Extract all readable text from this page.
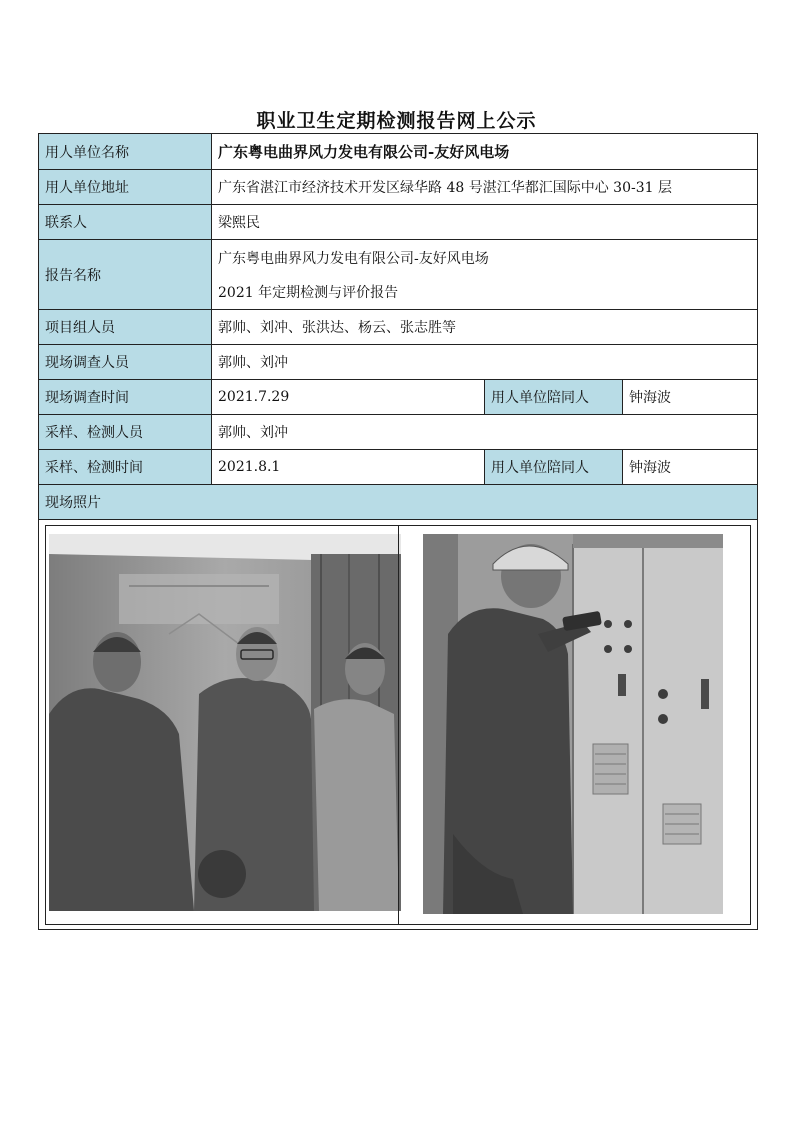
职业卫生定期检测报告网上公示
用人单位名称	广东粤电曲界风力发电有限公司-友好风电场		
用人单位地址	广东省湛江市经济技术开发区绿华路 48 号湛江华都汇国际中心 30-31 层		
联系人	梁熙民		
报告名称	广东粤电曲界风力发电有限公司-友好风电场
2021 年定期检测与评价报告		

项目组人员	郭帅、刘冲、张洪达、杨云、张志胜等		
现场调查人员	郭帅、刘冲		
现场调查时间	2021.7.29	用人单位陪同人	钟海波
采样、检测人员	郭帅、刘冲		
采样、检测时间	2021.8.1	用人单位陪同人	钟海波
现场照片			
